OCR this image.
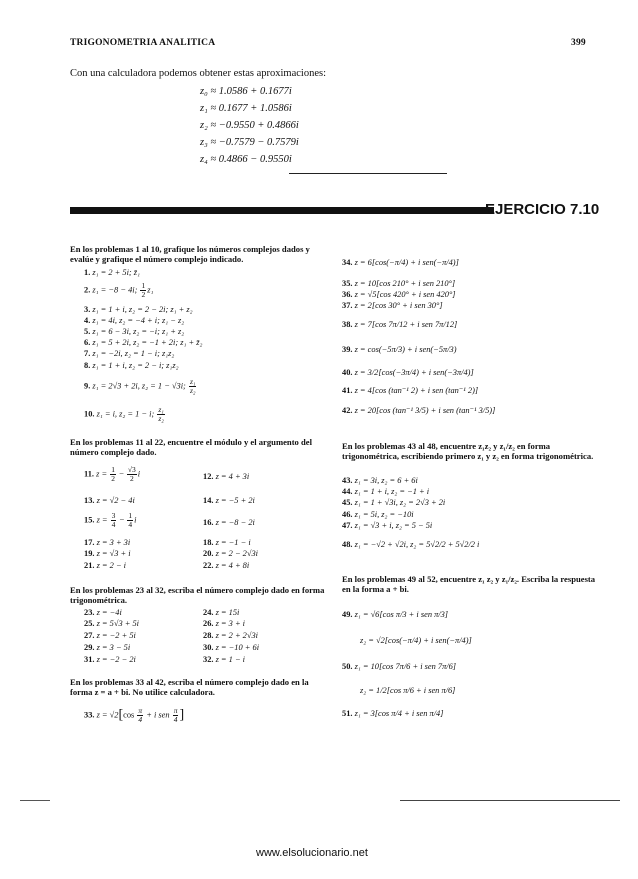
TRIGONOMETRIA ANALITICA	399
Con una calculadora podemos obtener estas aproximaciones:
z₀ ≈ 1.0586 + 0.1677i
z₁ ≈ 0.1677 + 1.0586i
z₂ ≈ −0.9550 + 0.4866i
z₃ ≈ −0.7579 − 0.7579i
z₄ ≈ 0.4866 − 0.9550i
EJERCICIO 7.10
En los problemas 1 al 10, grafique los números complejos dados y evalúe y grafique el número complejo indicado.
1. z₁ = 2 + 5i; z̄₁
2. z₁ = −8 − 4i; $\frac{1}{2} z_1$
3. z₁ = 1 + i, z₂ = 2 − 2i; z₁ + z₂
4. z₁ = 4i, z₂ = −4 + i; z₁ − z₂
5. z₁ = 6 − 3i, z₂ = −i; z₁ + z₂
6. z₁ = 5 + 2i, z₂ = −1 + 2i; z₁ + z̄₂
7. z₁ = −2i, z₂ = 1 − i; z₁z₂
8. z₁ = 1 + i, z₂ = 2 − i; z₁z₂
9. z₁ = 2√3 + 2i, z₂ = 1 − √3i; $\frac{\text{z₁}}{\text{z₂}}$
10. z₁ = i, z₂ = 1 − i; $\frac{\text{z₁}}{\text{z₂}}$
En los problemas 11 al 22, encuentre el módulo y el argumento del número complejo dado.
11. $z = \frac{1}{2} - \frac{√3}{2}$ i	12. z = 4 + 3i
13. z = √2 − 4i	14. z = −5 + 2i
15. $z = \frac{3}{4} - \frac{1}{4}$ i	16. z = −8 − 2i
17. z = 3 + 3i	18. z = −1 − i
19. z = √3 + i	20. z = 2 − 2√3i
21. z = 2 − i	22. z = 4 + 8i
En los problemas 23 al 32, escriba el número complejo dado en forma trigonométrica.
23. z = −4i	24. z = 15i
25. z = 5√3 + 5i	26. z = 3 + i
27. z = −2 + 5i	28. z = 2 + 2√3i
29. z = 3 − 5i	30. z = −10 + 6i
31. z = −2 − 2i	32. z = 1 − i
En los problemas 33 al 42, escriba el número complejo dado en la forma z = a + bi. No utilice calculadora.
33. $z = √2[\cos \frac{\pi}{4} + i$ sen $\frac{\pi}{4}$ ]
34. z = 6[cos(−π/4) + i sen(−π/4)]
35. z = 10[cos 210° + i sen 210°]
36. z = √5[cos 420° + i sen 420°]
37. z = 2[cos 30° + i sen 30°]
38. z = 7[cos 7π/12 + i sen 7π/12]
39. z = cos(−5π/3) + i sen(−5π/3)
40. z = 3/2[cos(−3π/4) + i sen(−3π/4)]
41. z = 4[cos (tan⁻¹ 2) + i sen (tan⁻¹ 2)]
42. z = 20[cos (tan⁻¹ 3/5) + i sen (tan⁻¹ 3/5)]
En los problemas 43 al 48, encuentre z₁z₂ y z₁/z₂ en forma trigonométrica, escribiendo primero z₁ y z₂ en forma trigonométrica.
43. z₁ = 3i, z₂ = 6 + 6i
44. z₁ = 1 + i, z₂ = −1 + i
45. z₁ = 1 + √3i, z₂ = 2√3 + 2i
46. z₁ = 5i, z₂ = −10i
47. z₁ = √3 + i, z₂ = 5 − 5i
48. z₁ = −√2 + √2i, z₂ = 5√2/2 + 5√2/2 i
En los problemas 49 al 52, encuentre z₁ z₂ y z₁/z₂. Escriba la respuesta en la forma a + bi.
49. z₁ = √6[cos π/3 + i sen π/3]
z₂ = √2[cos(−π/4) + i sen(−π/4)]
50. z₁ = 10[cos 7π/6 + i sen 7π/6]
z₂ = 1/2[cos π/6 + i sen π/6]
51. z₁ = 3[cos π/4 + i sen π/4]
www.elsolucionario.net
